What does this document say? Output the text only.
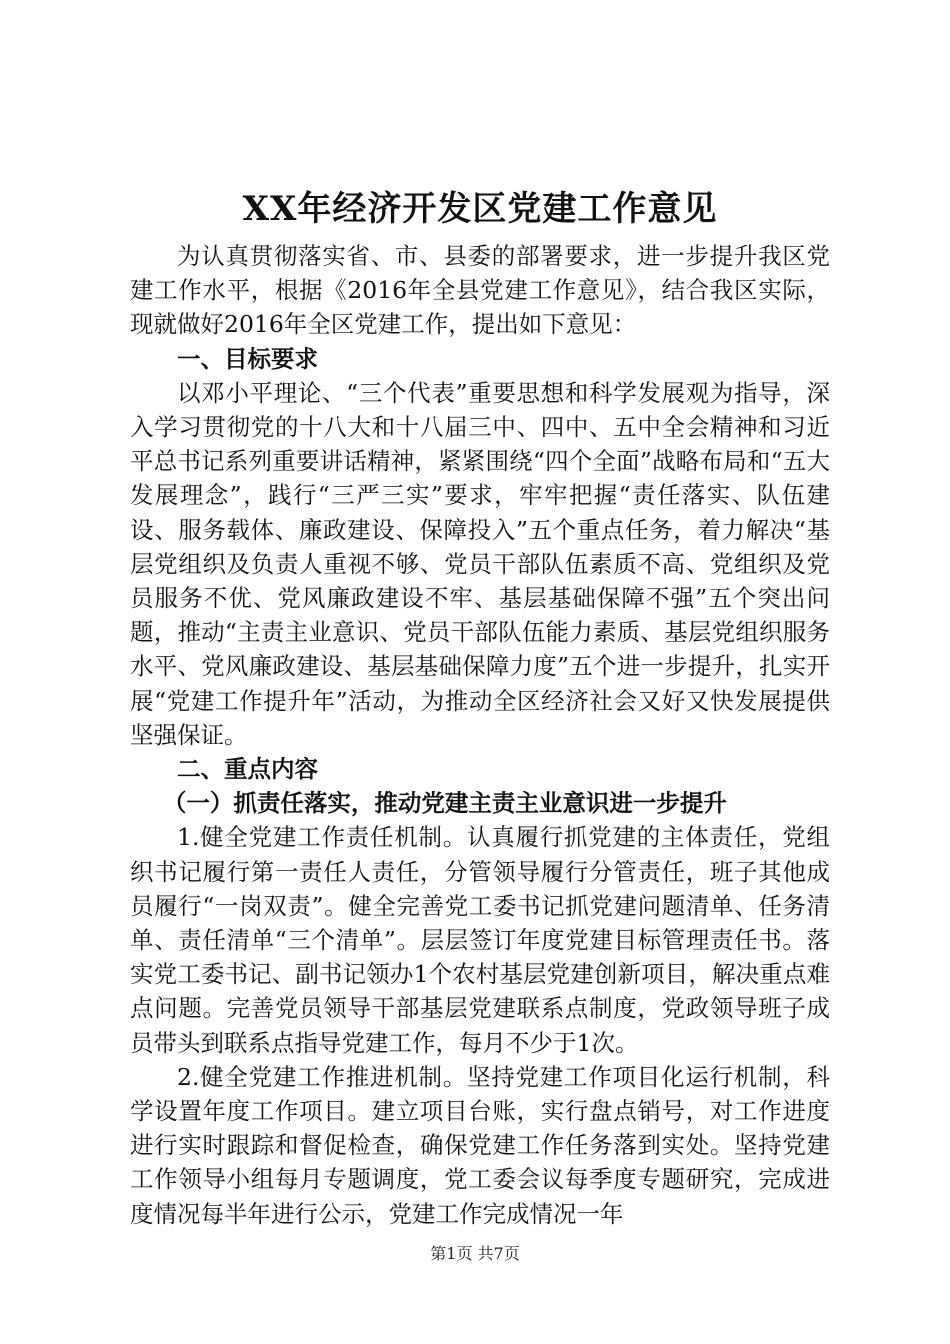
XX年经济开发区党建工作意见

为认真贯彻落实省、市、县委的部署要求，进一步提升我区党建工作水平，根据《2016年全县党建工作意见》，结合我区实际，现就做好2016年全区党建工作，提出如下意见：

一、目标要求

以邓小平理论、“三个代表”重要思想和科学发展观为指导，深入学习贯彻党的十八大和十八届三中、四中、五中全会精神和习近平总书记系列重要讲话精神，紧紧围绕“四个全面”战略布局和“五大发展理念”，践行“三严三实”要求，牢牢把握“责任落实、队伍建设、服务载体、廉政建设、保障投入”五个重点任务，着力解决“基层党组织及负责人重视不够、党员干部队伍素质不高、党组织及党员服务不优、党风廉政建设不牢、基层基础保障不强”五个突出问题，推动“主责主业意识、党员干部队伍能力素质、基层党组织服务水平、党风廉政建设、基层基础保障力度”五个进一步提升，扎实开展“党建工作提升年”活动，为推动全区经济社会又好又快发展提供坚强保证。

二、重点内容

（一）抓责任落实，推动党建主责主业意识进一步提升

1.健全党建工作责任机制。认真履行抓党建的主体责任，党组织书记履行第一责任人责任，分管领导履行分管责任，班子其他成员履行“一岗双责”。健全完善党工委书记抓党建问题清单、任务清单、责任清单“三个清单”。层层签订年度党建目标管理责任书。落实党工委书记、副书记领办1个农村基层党建创新项目，解决重点难点问题。完善党员领导干部基层党建联系点制度，党政领导班子成员带头到联系点指导党建工作，每月不少于1次。

2.健全党建工作推进机制。坚持党建工作项目化运行机制，科学设置年度工作项目。建立项目台账，实行盘点销号，对工作进度进行实时跟踪和督促检查，确保党建工作任务落到实处。坚持党建工作领导小组每月专题调度，党工委会议每季度专题研究，完成进度情况每半年进行公示，党建工作完成情况一年

第1页 共7页
